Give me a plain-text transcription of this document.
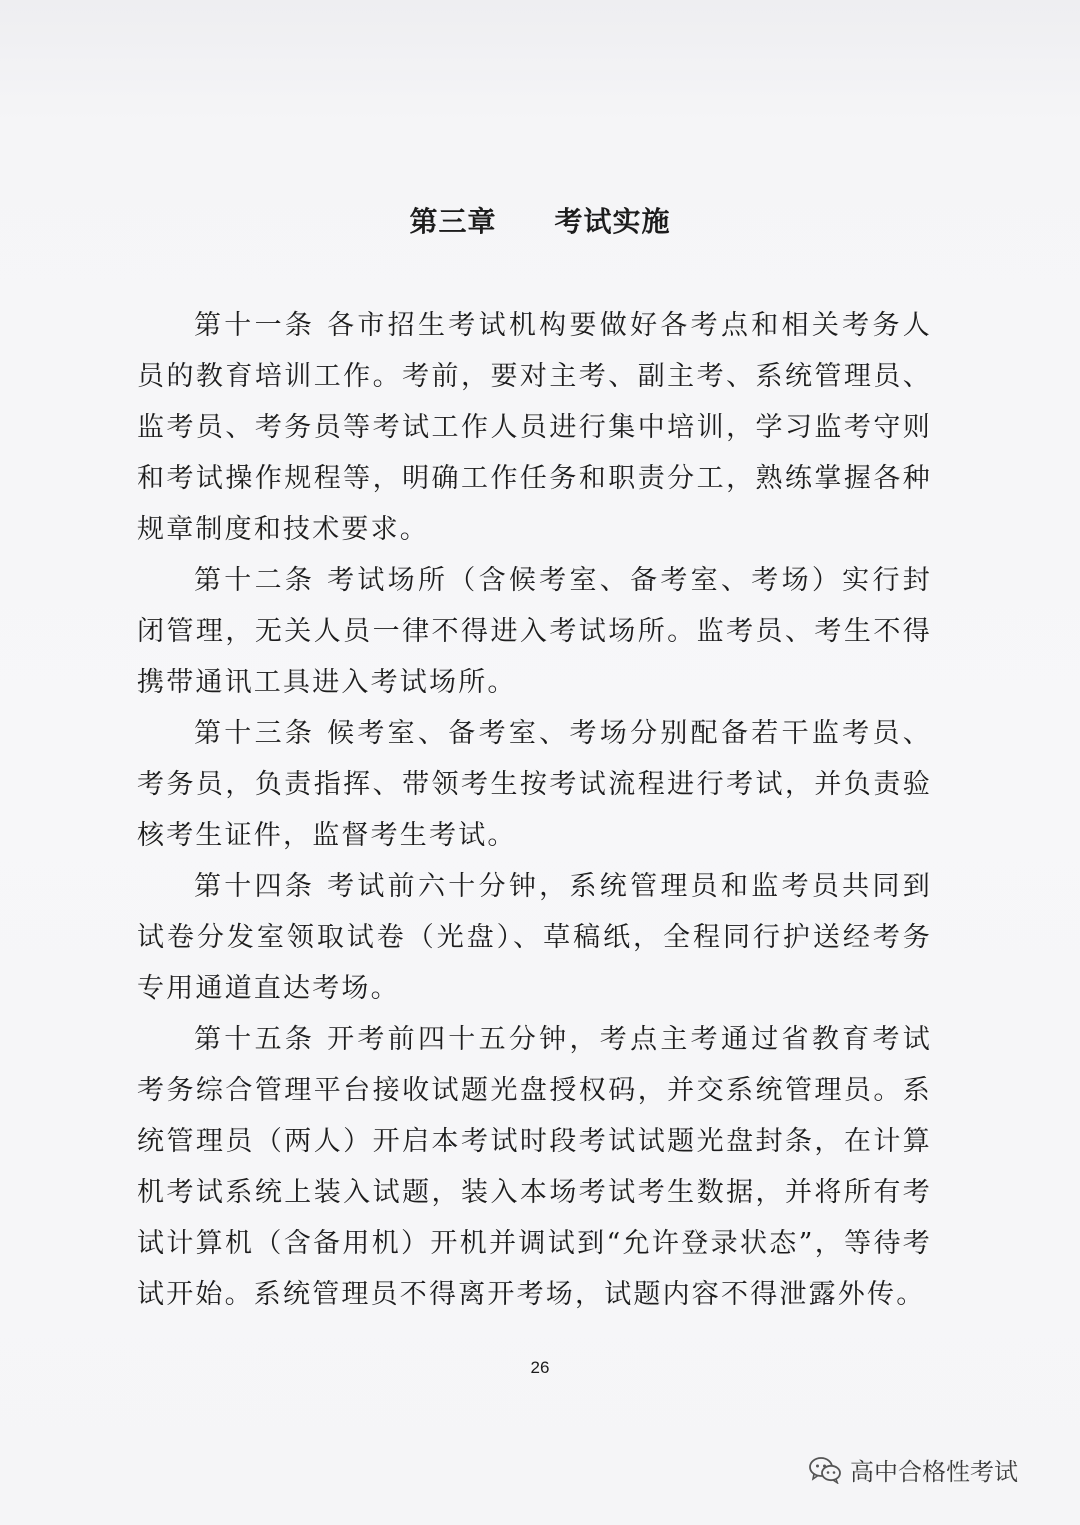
第三章 考试实施

第十一条 各市招生考试机构要做好各考点和相关考务人员的教育培训工作。考前，要对主考、副主考、系统管理员、监考员、考务员等考试工作人员进行集中培训，学习监考守则和考试操作规程等，明确工作任务和职责分工，熟练掌握各种规章制度和技术要求。

第十二条 考试场所（含候考室、备考室、考场）实行封闭管理，无关人员一律不得进入考试场所。监考员、考生不得携带通讯工具进入考试场所。

第十三条 候考室、备考室、考场分别配备若干监考员、考务员，负责指挥、带领考生按考试流程进行考试，并负责验核考生证件，监督考生考试。

第十四条 考试前六十分钟，系统管理员和监考员共同到试卷分发室领取试卷（光盘）、草稿纸，全程同行护送经考务专用通道直达考场。

第十五条 开考前四十五分钟，考点主考通过省教育考试考务综合管理平台接收试题光盘授权码，并交系统管理员。系统管理员（两人）开启本考试时段考试试题光盘封条，在计算机考试系统上装入试题，装入本场考试考生数据，并将所有考试计算机（含备用机）开机并调试到“允许登录状态”，等待考试开始。系统管理员不得离开考场，试题内容不得泄露外传。

26
高中合格性考试
